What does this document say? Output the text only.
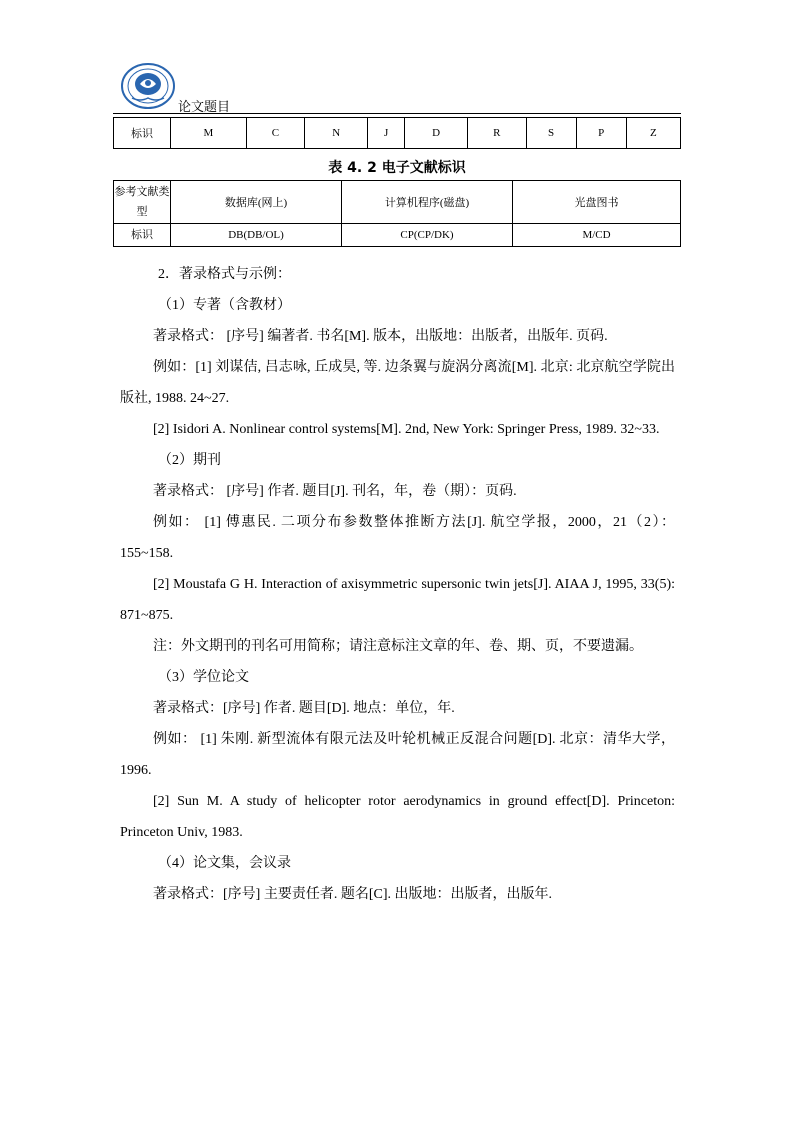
论文题目
标识	M	C	N	J	D	R	S	P	Z
表 4. 2 电子文献标识
参考文献类型	数据库(网上)	计算机程序(磁盘)	光盘图书
标识	DB(DB/OL)	CP(CP/DK)	M/CD

2．著录格式与示例：

（1）专著（含教材）

著录格式： [序号] 编著者. 书名[M]. 版本，出版地：出版者，出版年. 页码.

例如：[1] 刘谋佶, 吕志咏, 丘成昊, 等. 边条翼与旋涡分离流[M]. 北京: 北京航空学院出版社, 1988. 24~27.

[2] Isidori A. Nonlinear control systems[M]. 2nd, New York: Springer Press, 1989. 32~33.

（2）期刊

著录格式： [序号] 作者. 题目[J]. 刊名，年，卷（期）：页码.

例如： [1] 傅惠民. 二项分布参数整体推断方法[J]. 航空学报，2000，21（2）：155~158.

[2] Moustafa G H. Interaction of axisymmetric supersonic twin jets[J]. AIAA J, 1995, 33(5): 871~875.

注：外文期刊的刊名可用简称；请注意标注文章的年、卷、期、页，不要遗漏。

（3）学位论文

著录格式：[序号] 作者. 题目[D]. 地点：单位，年.

例如： [1] 朱刚. 新型流体有限元法及叶轮机械正反混合问题[D]. 北京：清华大学，1996.

[2] Sun M. A study of helicopter rotor aerodynamics in ground effect[D]. Princeton: Princeton Univ, 1983.

（4）论文集，会议录

著录格式：[序号] 主要责任者. 题名[C]. 出版地：出版者，出版年.
